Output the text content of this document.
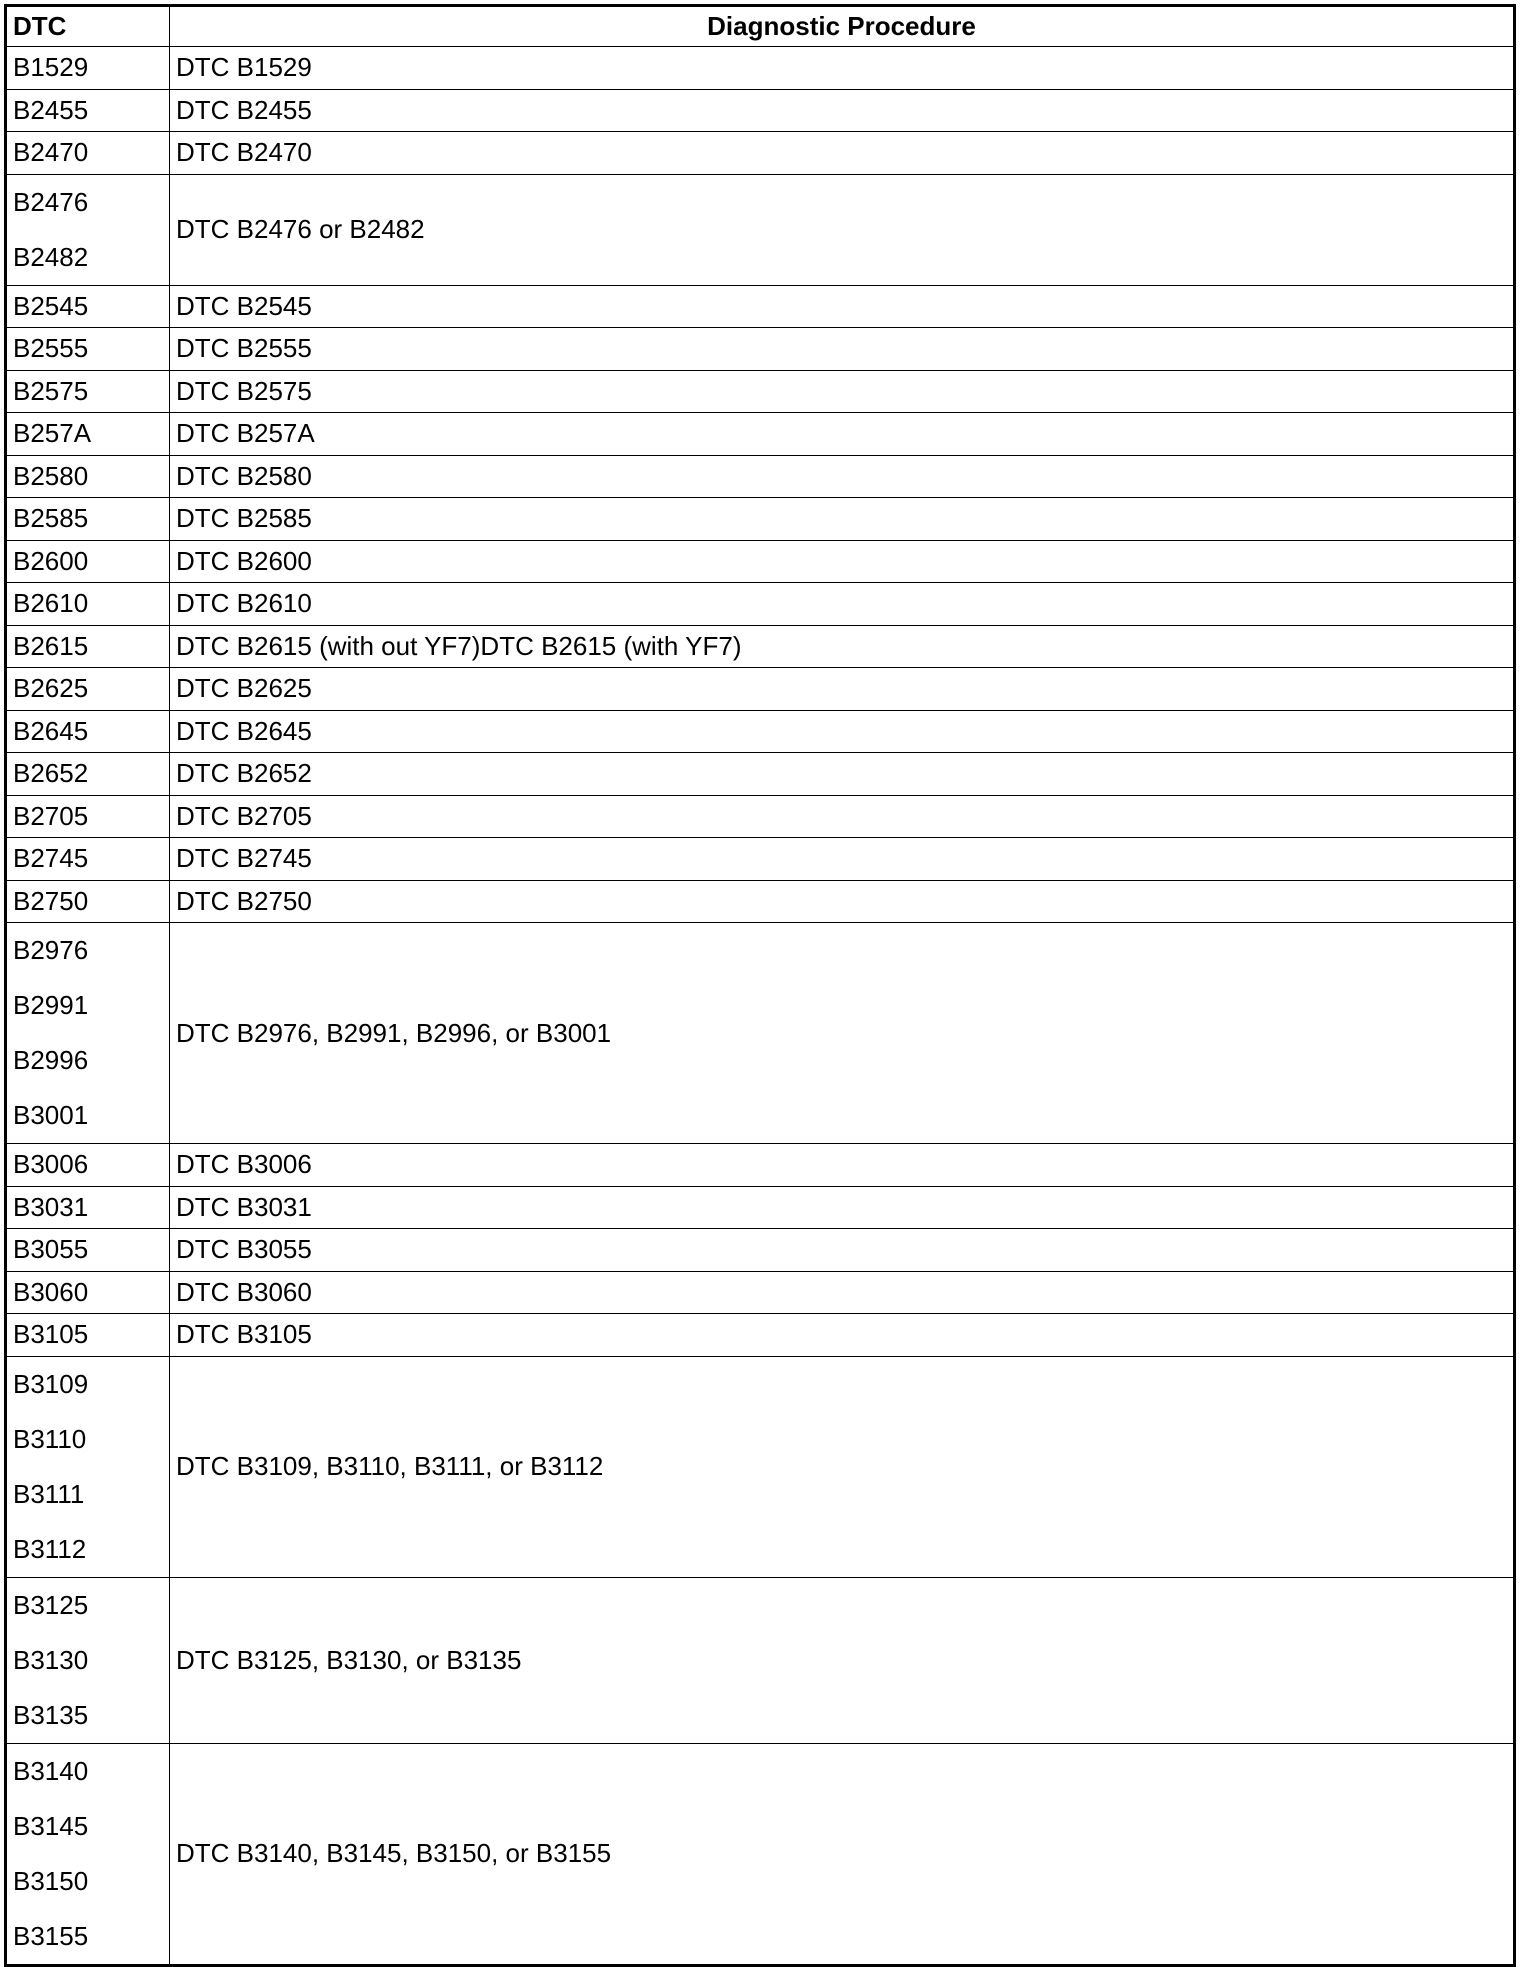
DTC	Diagnostic Procedure
B1529	DTC B1529
B2455	DTC B2455
B2470	DTC B2470

B2476
B2482	DTC B2476 or B2482
B2545	DTC B2545
B2555	DTC B2555
B2575	DTC B2575
B257A	DTC B257A
B2580	DTC B2580
B2585	DTC B2585
B2600	DTC B2600
B2610	DTC B2610
B2615	DTC B2615 (with out YF7)DTC B2615 (with YF7)
B2625	DTC B2625
B2645	DTC B2645
B2652	DTC B2652
B2705	DTC B2705
B2745	DTC B2745
B2750	DTC B2750

B2976
B2991
B2996
B3001	DTC B2976, B2991, B2996, or B3001
B3006	DTC B3006
B3031	DTC B3031
B3055	DTC B3055
B3060	DTC B3060
B3105	DTC B3105

B3109
B3110
B3111
B3112	DTC B3109, B3110, B3111, or B3112

B3125
B3130
B3135	DTC B3125, B3130, or B3135

B3140
B3145
B3150
B3155	DTC B3140, B3145, B3150, or B3155
